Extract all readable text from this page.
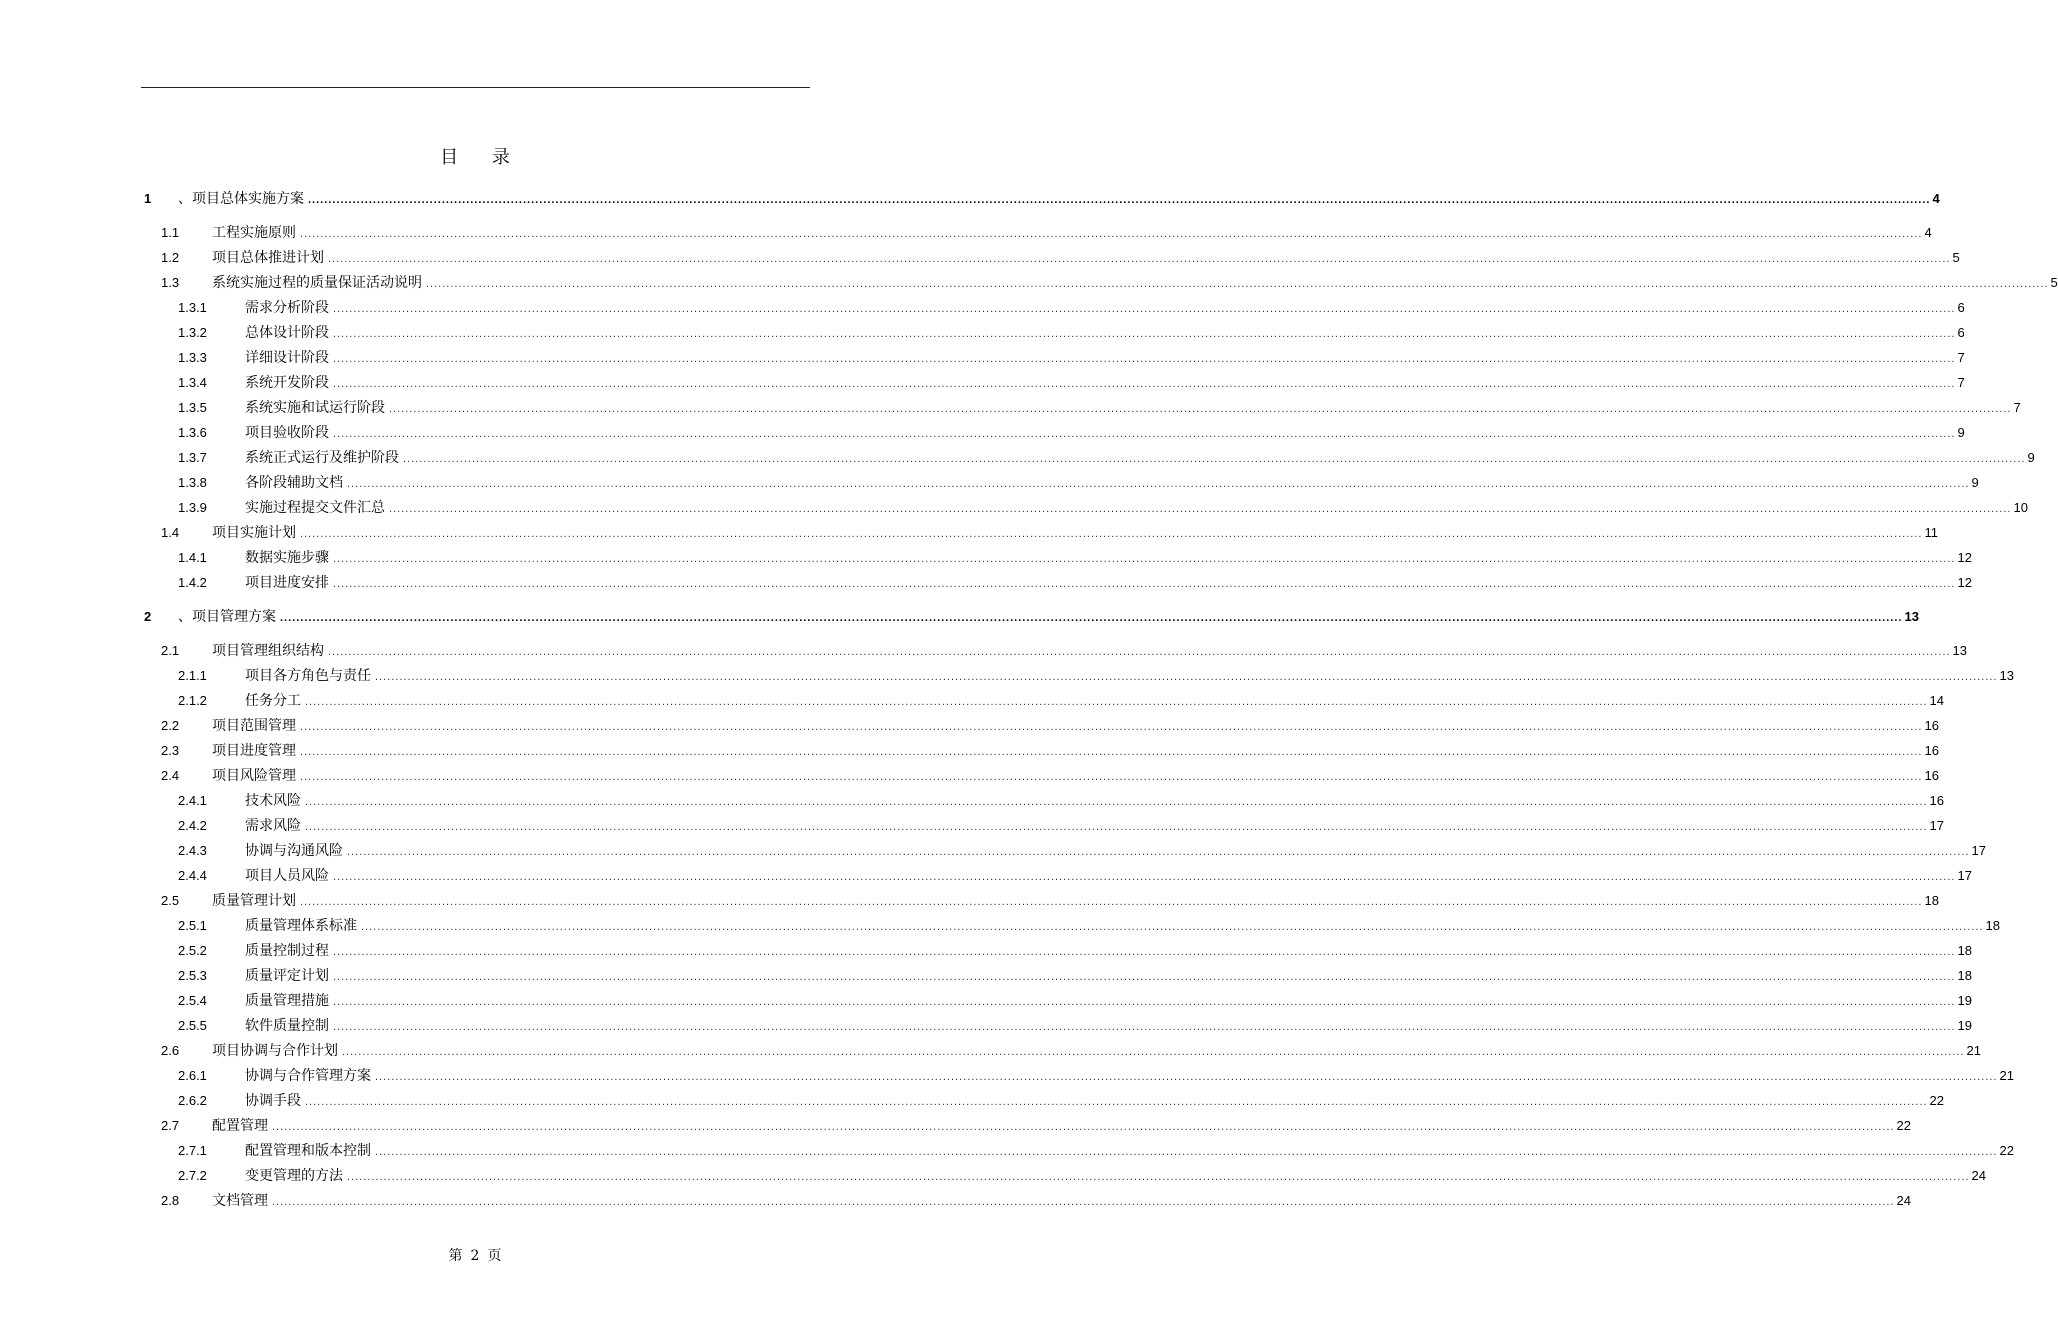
目 录
1 、项目总体实施方案 ................................................................................................................................................................................................................................................................................................................................................................................................................ 4
1.1 工程实施原则 ................................................................................................................................................................................................................................................................................................................................................................................................................ 4
1.2 项目总体推进计划 ................................................................................................................................................................................................................................................................................................................................................................................................................ 5
1.3 系统实施过程的质量保证活动说明 ................................................................................................................................................................................................................................................................................................................................................................................................................ 5
1.3.1	需求分析阶段 ................................................................................................................................................................................................................................................................................................................................................................................................................ 6
1.3.2	总体设计阶段 ................................................................................................................................................................................................................................................................................................................................................................................................................ 6
1.3.3	详细设计阶段 ................................................................................................................................................................................................................................................................................................................................................................................................................ 7
1.3.4	系统开发阶段 ................................................................................................................................................................................................................................................................................................................................................................................................................ 7
1.3.5	系统实施和试运行阶段 ................................................................................................................................................................................................................................................................................................................................................................................................................ 7
1.3.6	项目验收阶段 ................................................................................................................................................................................................................................................................................................................................................................................................................ 9
1.3.7	系统正式运行及维护阶段 ................................................................................................................................................................................................................................................................................................................................................................................................................ 9
1.3.8	各阶段辅助文档 ................................................................................................................................................................................................................................................................................................................................................................................................................ 9
1.3.9	实施过程提交文件汇总 ................................................................................................................................................................................................................................................................................................................................................................................................................ 10
1.4 项目实施计划 ................................................................................................................................................................................................................................................................................................................................................................................................................ 11
1.4.1	数据实施步骤 ................................................................................................................................................................................................................................................................................................................................................................................................................ 12
1.4.2	项目进度安排 ................................................................................................................................................................................................................................................................................................................................................................................................................ 12
2 、项目管理方案 ................................................................................................................................................................................................................................................................................................................................................................................................................ 13
2.1 项目管理组织结构 ................................................................................................................................................................................................................................................................................................................................................................................................................ 13
2.1.1	项目各方角色与责任 ................................................................................................................................................................................................................................................................................................................................................................................................................ 13
2.1.2	任务分工 ................................................................................................................................................................................................................................................................................................................................................................................................................ 14
2.2 项目范围管理 ................................................................................................................................................................................................................................................................................................................................................................................................................ 16
2.3 项目进度管理 ................................................................................................................................................................................................................................................................................................................................................................................................................ 16
2.4 项目风险管理 ................................................................................................................................................................................................................................................................................................................................................................................................................ 16
2.4.1	技术风险 ................................................................................................................................................................................................................................................................................................................................................................................................................ 16
2.4.2	需求风险 ................................................................................................................................................................................................................................................................................................................................................................................................................ 17
2.4.3	协调与沟通风险 ................................................................................................................................................................................................................................................................................................................................................................................................................ 17
2.4.4	项目人员风险 ................................................................................................................................................................................................................................................................................................................................................................................................................ 17
2.5 质量管理计划 ................................................................................................................................................................................................................................................................................................................................................................................................................ 18
2.5.1	质量管理体系标准 ................................................................................................................................................................................................................................................................................................................................................................................................................ 18
2.5.2	质量控制过程 ................................................................................................................................................................................................................................................................................................................................................................................................................ 18
2.5.3	质量评定计划 ................................................................................................................................................................................................................................................................................................................................................................................................................ 18
2.5.4	质量管理措施 ................................................................................................................................................................................................................................................................................................................................................................................................................ 19
2.5.5	软件质量控制 ................................................................................................................................................................................................................................................................................................................................................................................................................ 19
2.6 项目协调与合作计划 ................................................................................................................................................................................................................................................................................................................................................................................................................ 21
2.6.1	协调与合作管理方案 ................................................................................................................................................................................................................................................................................................................................................................................................................ 21
2.6.2	协调手段 ................................................................................................................................................................................................................................................................................................................................................................................................................ 22
2.7 配置管理 ................................................................................................................................................................................................................................................................................................................................................................................................................ 22
2.7.1	配置管理和版本控制 ................................................................................................................................................................................................................................................................................................................................................................................................................ 22
2.7.2	变更管理的方法 ................................................................................................................................................................................................................................................................................................................................................................................................................ 24
2.8 文档管理 ................................................................................................................................................................................................................................................................................................................................................................................................................ 24
第 2 页
